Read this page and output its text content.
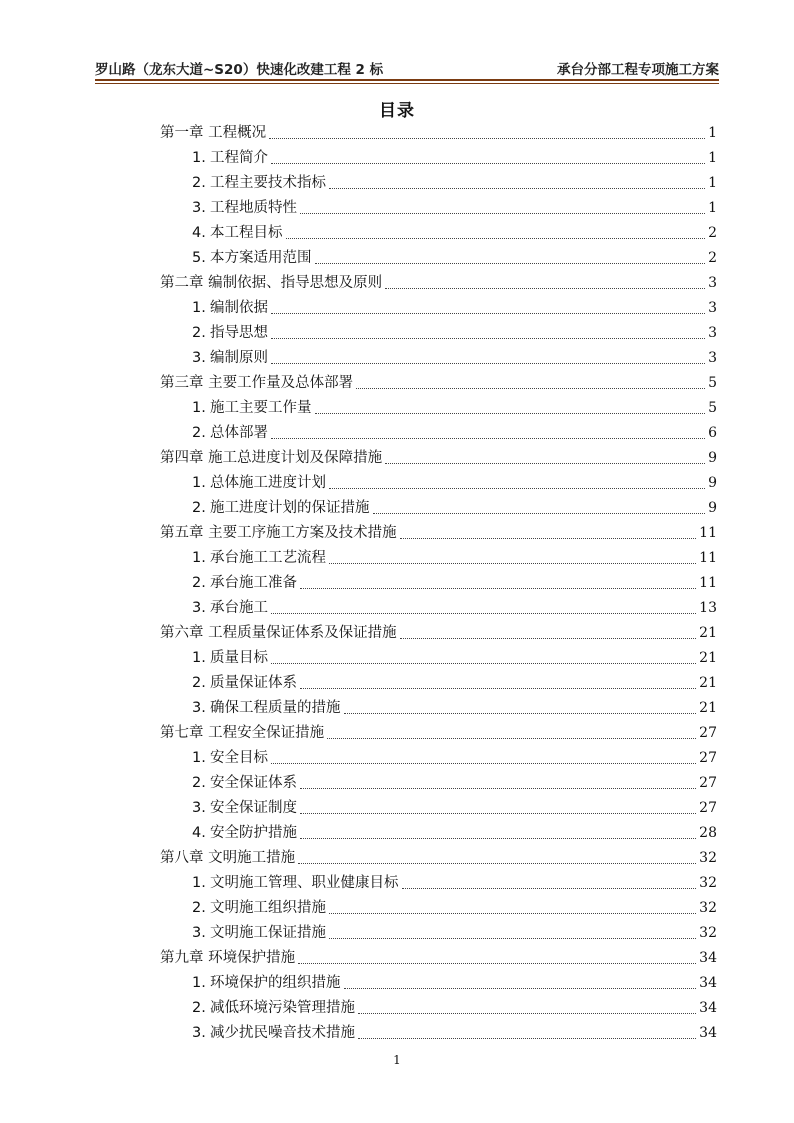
罗山路（龙东大道~S20）快速化改建工程 2 标	承台分部工程专项施工方案
目录
第一章 工程概况	1
1. 工程简介	1
2. 工程主要技术指标	1
3. 工程地质特性	1
4. 本工程目标	2
5. 本方案适用范围	2
第二章 编制依据、指导思想及原则	3
1. 编制依据	3
2. 指导思想	3
3. 编制原则	3
第三章 主要工作量及总体部署	5
1. 施工主要工作量	5
2. 总体部署	6
第四章 施工总进度计划及保障措施	9
1. 总体施工进度计划	9
2. 施工进度计划的保证措施	9
第五章 主要工序施工方案及技术措施	11
1. 承台施工工艺流程	11
2. 承台施工准备	11
3. 承台施工	13
第六章 工程质量保证体系及保证措施	21
1. 质量目标	21
2. 质量保证体系	21
3. 确保工程质量的措施	21
第七章 工程安全保证措施	27
1. 安全目标	27
2. 安全保证体系	27
3. 安全保证制度	27
4. 安全防护措施	28
第八章 文明施工措施	32
1. 文明施工管理、职业健康目标	32
2. 文明施工组织措施	32
3. 文明施工保证措施	32
第九章 环境保护措施	34
1. 环境保护的组织措施	34
2. 减低环境污染管理措施	34
3. 减少扰民噪音技术措施	34
1
